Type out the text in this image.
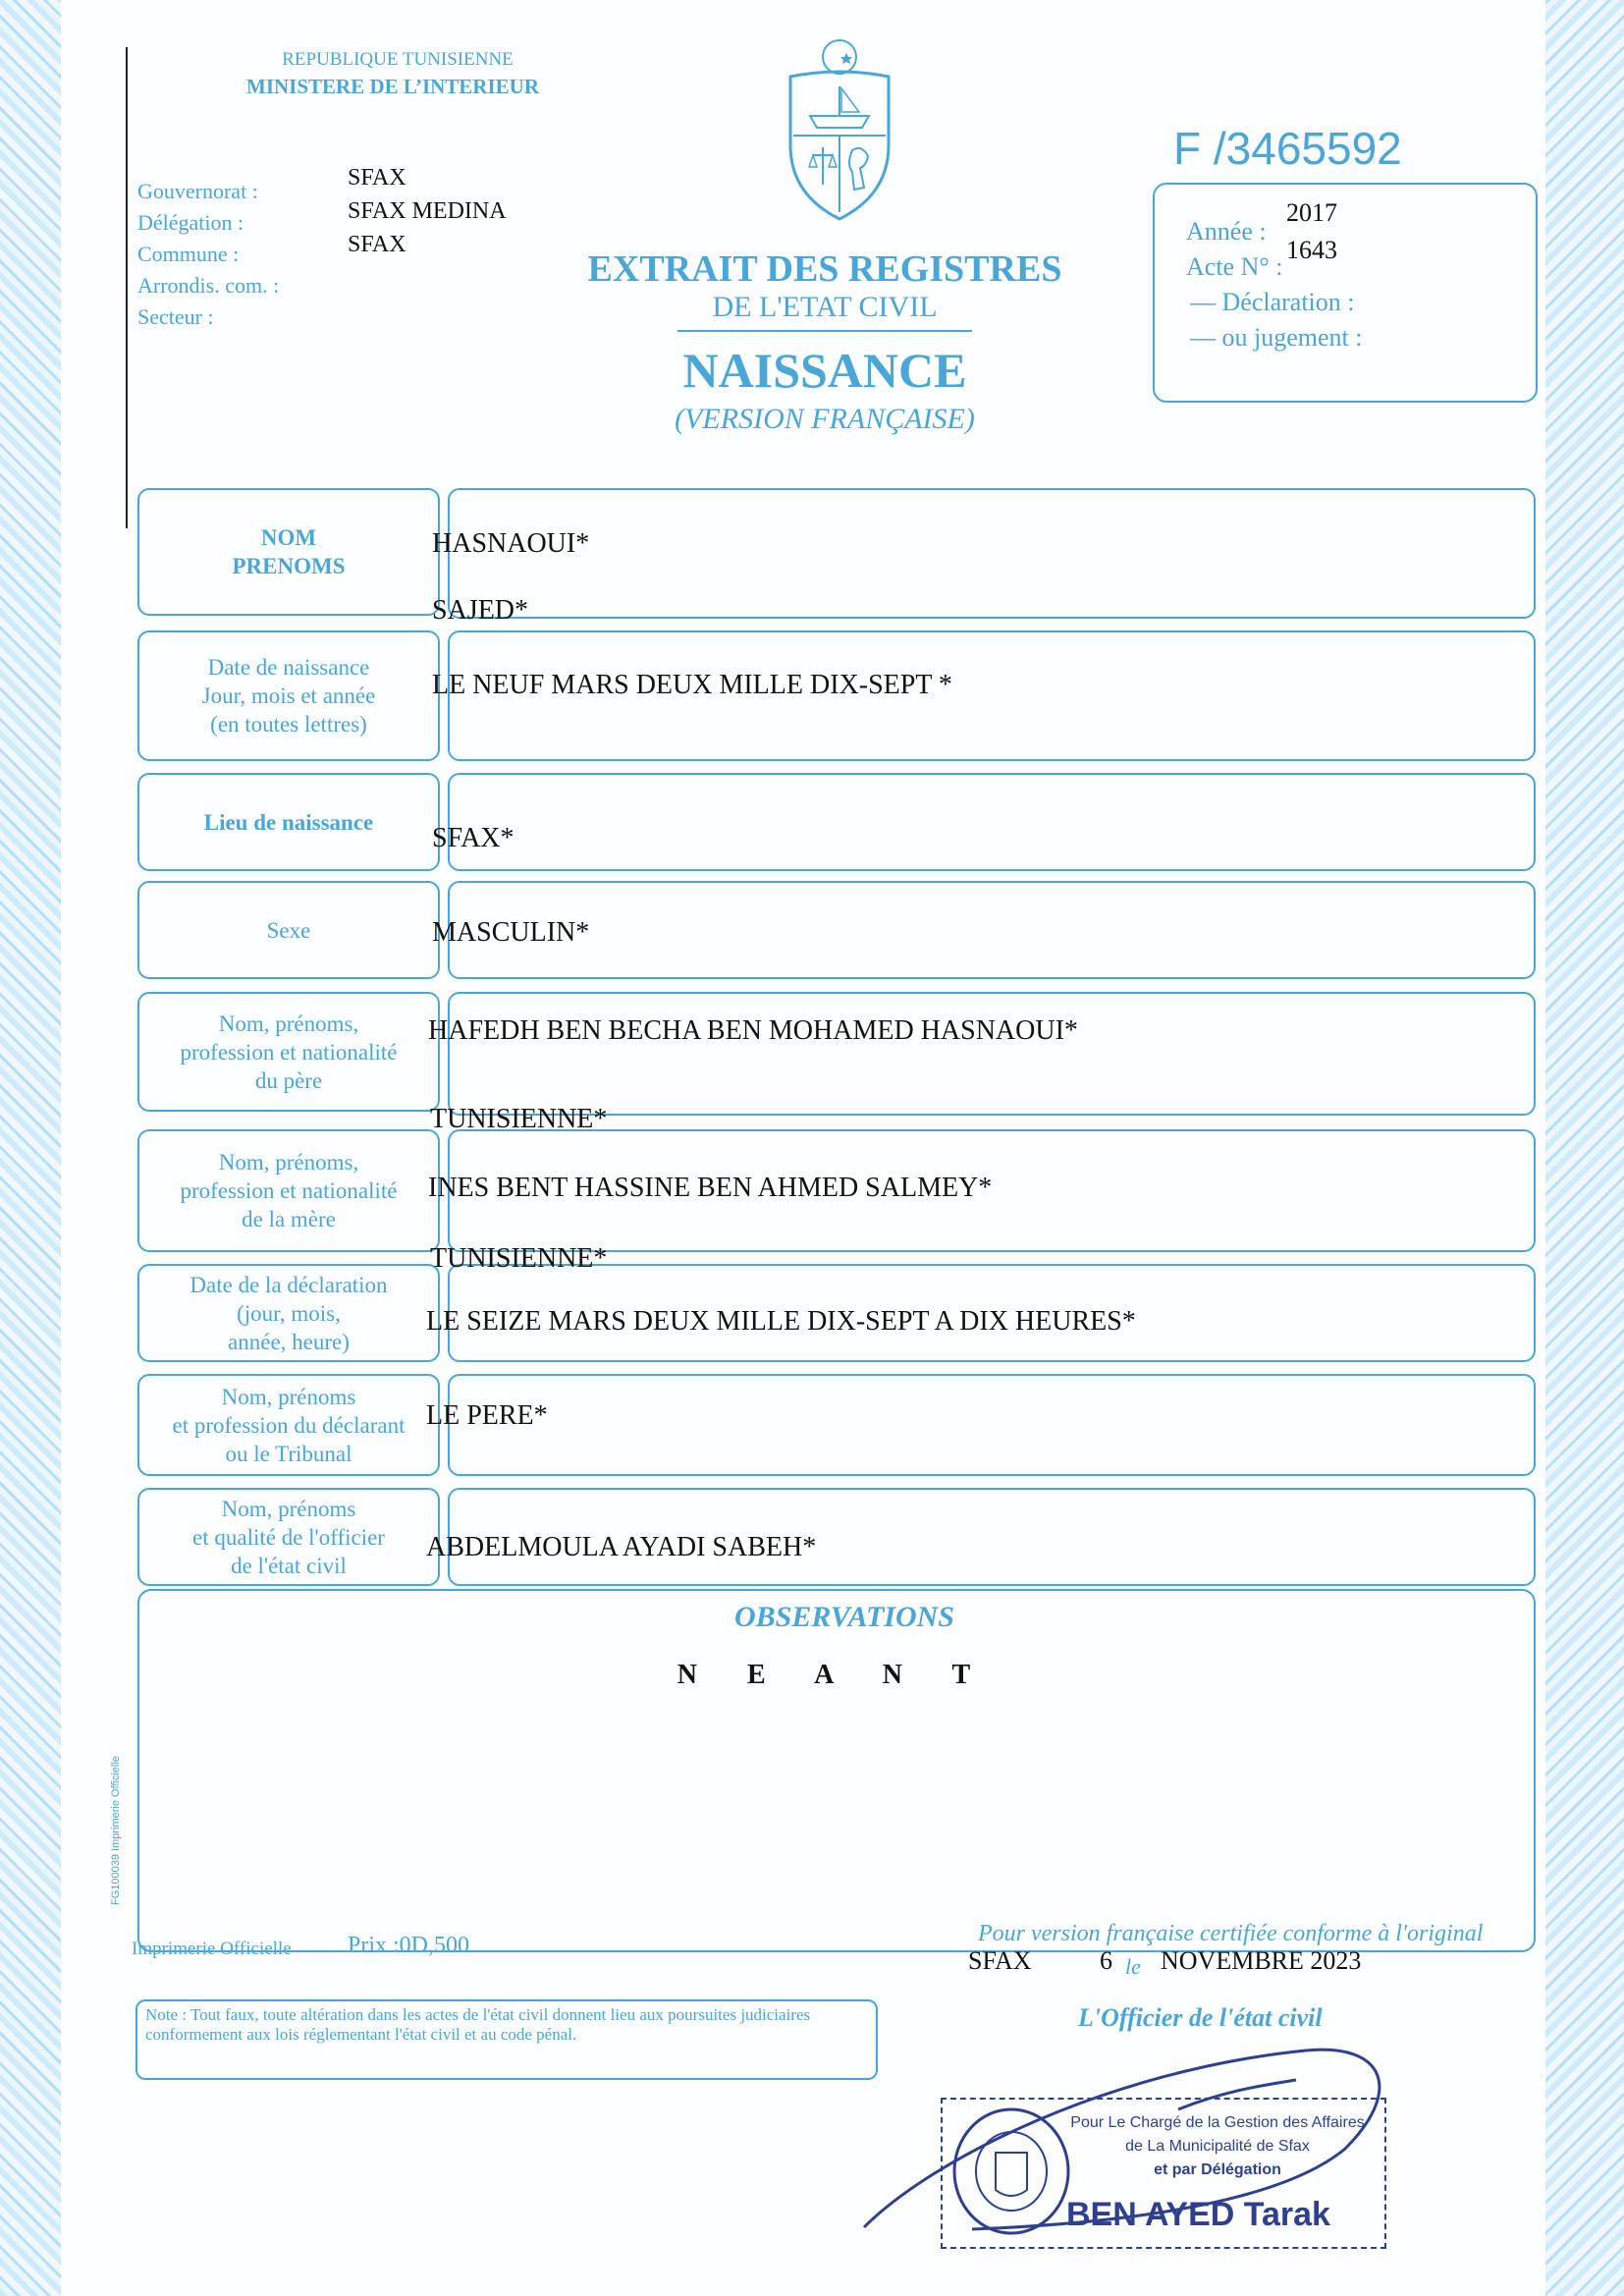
REPUBLIQUE TUNISIENNE
MINISTERE DE L’INTERIEUR
Gouvernorat :
Délégation :
Commune :
Arrondis. com. :
Secteur :
SFAX
SFAX MEDINA
SFAX
EXTRAIT DES REGISTRES
DE L'ETAT CIVIL
NAISSANCE
(VERSION FRANÇAISE)
F /3465592
Année :
Acte N° :
— Déclaration :
— ou jugement :
2017
1643
NOM
PRENOMS
Date de naissance
Jour, mois et année
(en toutes lettres)
Lieu de naissance
Sexe
Nom, prénoms,
profession et nationalité
du père
Nom, prénoms,
profession et nationalité
de la mère
Date de la déclaration
(jour, mois,
année, heure)
Nom, prénoms
et profession du déclarant
ou le Tribunal
Nom, prénoms
et qualité de l'officier
de l'état civil
HASNAOUI*
SAJED*
LE NEUF MARS DEUX MILLE DIX-SEPT *
SFAX*
MASCULIN*
HAFEDH BEN BECHA BEN MOHAMED HASNAOUI*
TUNISIENNE*
INES BENT HASSINE BEN AHMED SALMEY*
TUNISIENNE*
LE SEIZE MARS DEUX MILLE DIX-SEPT A DIX HEURES*
LE PERE*
ABDELMOULA AYADI SABEH*
OBSERVATIONS
N E A N T
FG100039 Imprimerie Officielle
Imprimerie Officielle Prix :0D,500	Pour version française certifiée conforme à l'original
SFAX	6 le NOVEMBRE 2023
L'Officier de l'état civil
Note : Tout faux, toute altération dans les actes de l'état civil donnent lieu aux poursuites judiciaires conformement aux lois réglementant l'état civil et au code pénal.
Pour Le Chargé de la Gestion des Affaires
de La Municipalité de Sfax
et par Délégation
BEN AYED Tarak
